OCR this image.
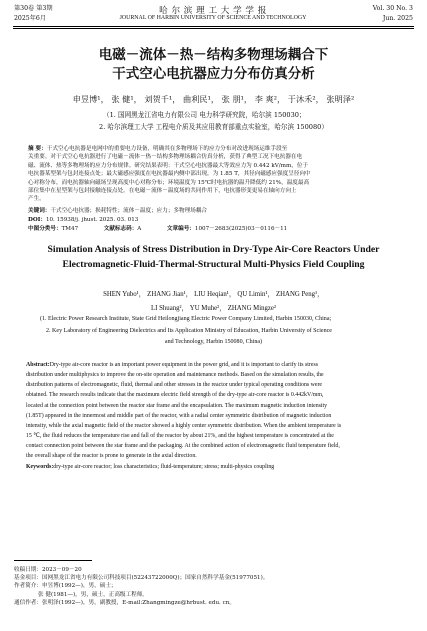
第30卷 第3期
2025年6月
哈 尔 滨 理 工 大 学 学 报
JOURNAL OF HARBIN UNIVERSITY OF SCIENCE AND TECHNOLOGY
Vol. 30 No. 3
Jun. 2025
电磁－流体－热－结构多物理场耦合下
干式空心电抗器应力分布仿真分析
申昱博¹， 张 健¹， 刘贺千¹， 曲利民¹， 张 朋¹， 李 爽²， 于沐禾²， 张明泽²
（1. 国网黑龙江省电力有限公司 电力科学研究院，哈尔滨 150030；
2. 哈尔滨理工大学 工程电介质及其应用教育部重点实验室，哈尔滨 150080）
摘 要：干式空心电抗器是电网中的重要电力设备，明确其在多物理场下的应力分布对改进现场运维手段至
关重要。对干式空心电抗器进行了电磁－流体－热－结构多物理场耦合仿真分析，获得了典型工况下电抗器在电
磁、流体、热等多物理场的应力分布规律。研究结果表明：干式空心电抗器最大等效应力为 0.442 kV/mm，位于
电抗器某型架与包封连接点处；最大磁感应强度在电抗器最内侧中部出现，为 1.85 T，其径向磁感应强度呈径向中
心对称分布，而电抗器轴向磁场呈现高度中心对称分布；环境温度为 15℃时电抗器的温升降低约 21%，温度最高
部位集中在星型架与包封接触连接点处。在电磁－流体－温度场的共同作用下，电抗器形变更易在轴向方向上
产生。
关键词：干式空心电抗器；损耗特性；流体－温度；应力；多物理场耦合
DOI：10. 15938/j. jhust. 2025. 03. 013
中图分类号：TM47	文献标志码：A	文章编号：1007－2683(2025)03－0116－11
Simulation Analysis of Stress Distribution in Dry-Type Air-Core Reactors Under
Electromagnetic-Fluid-Thermal-Structural Multi-Physics Field Coupling
SHEN Yubo¹， ZHANG Jian¹， LIU Heqian¹， QU Limin¹， ZHANG Peng¹，
LI Shuang²， YU Muhe²， ZHANG Mingze²
(1. Electric Power Research Institute, State Grid Heilongjiang Electric Power Company Limited, Harbin 150030, China;
2. Key Laboratory of Engineering Dielectrics and Its Application Ministry of Education, Harbin University of Science
and Technology, Harbin 150080, China)
Abstract:Dry-type air-core reactor is an important power equipment in the power grid, and it is important to clarify its stress
distribution under multiphysics to improve the on-site operation and maintenance methods. Based on the simulation results, the
distribution patterns of electromagnetic, fluid, thermal and other stresses in the reactor under typical operating conditions were
obtained. The research results indicate that the maximum electric field strength of the dry-type air-core reactor is 0.442kV/mm,
located at the connection point between the reactor star frame and the encapsulation. The maximum magnetic induction intensity
(1.85T) appeared in the innermost and middle part of the reactor, with a radial center symmetric distribution of magnetic induction
intensity, while the axial magnetic field of the reactor showed a highly center symmetric distribution. When the ambient temperature is
15 ℃, the fluid reduces the temperature rise and fall of the reactor by about 21%, and the highest temperature is concentrated at the
contact connection point between the star frame and the packaging. At the combined action of electromagnetic fluid temperature field,
the overall shape of the reactor is prone to generate in the axial direction.
Keywords:dry-type air-core reactor; loss characteristics; fluid-temperature; stress; multi-physics coupling
收稿日期：2023－09－20
基金项目：国网黑龙江省电力有限公司科技项目(52243722000Q)；国家自然科学基金(51977051)。
作者简介：申昱博(1992—)，男，硕士；
张 健(1981—)，男，硕士，正高级工程师。
通信作者：张明泽(1992—)，男，副教授，E-mail:Zhangmingze@hrbust. edu. cn。
